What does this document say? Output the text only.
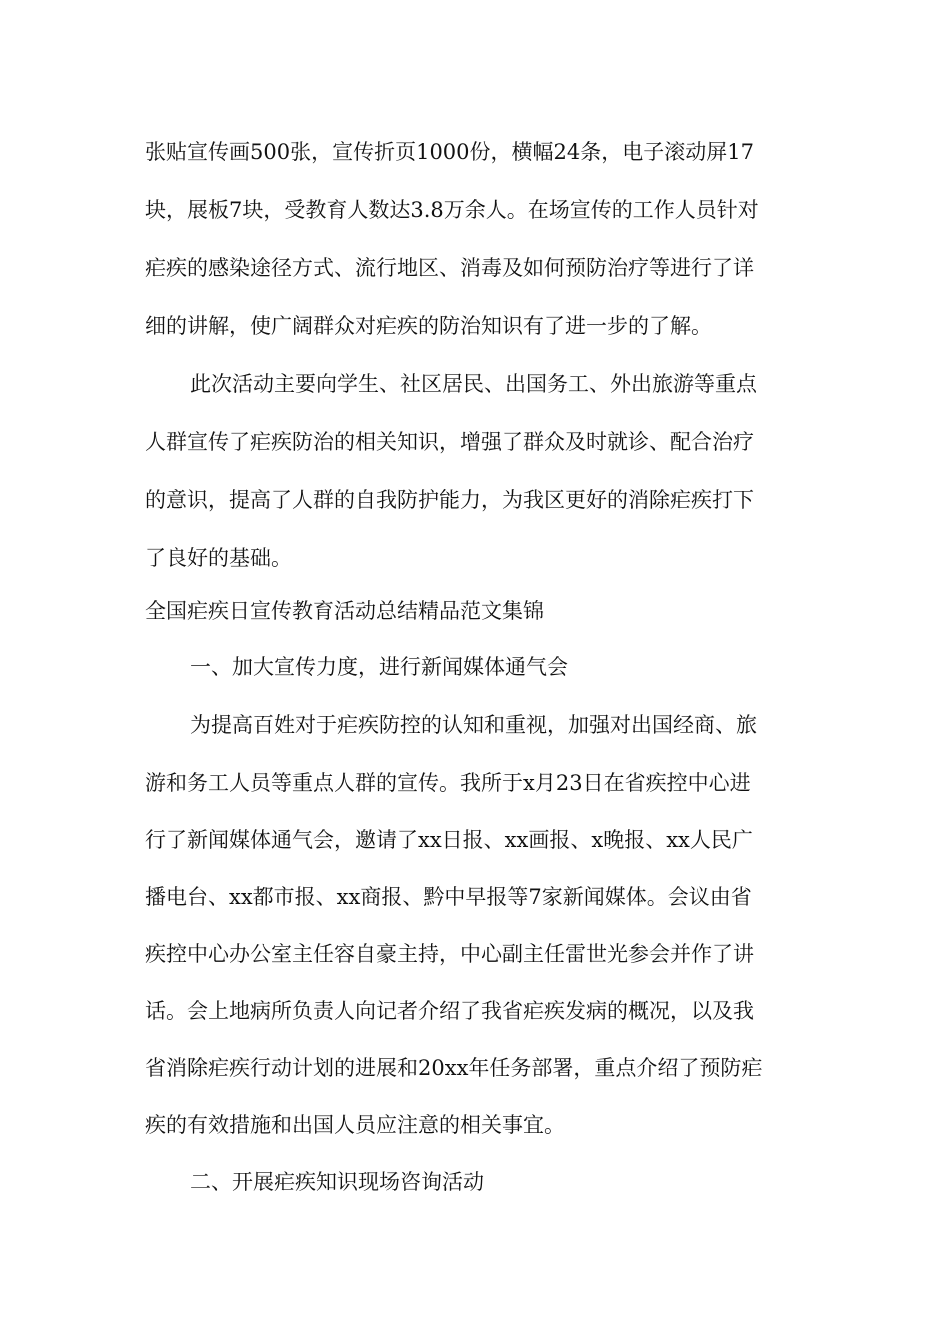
张贴宣传画500张，宣传折页1000份，横幅24条，电子滚动屏17
块，展板7块，受教育人数达3.8万余人。在场宣传的工作人员针对
疟疾的感染途径方式、流行地区、消毒及如何预防治疗等进行了详
细的讲解，使广阔群众对疟疾的防治知识有了进一步的了解。
此次活动主要向学生、社区居民、出国务工、外出旅游等重点
人群宣传了疟疾防治的相关知识，增强了群众及时就诊、配合治疗
的意识，提高了人群的自我防护能力，为我区更好的消除疟疾打下
了良好的基础。
全国疟疾日宣传教育活动总结精品范文集锦
一、加大宣传力度，进行新闻媒体通气会
为提高百姓对于疟疾防控的认知和重视，加强对出国经商、旅
游和务工人员等重点人群的宣传。我所于x月23日在省疾控中心进
行了新闻媒体通气会，邀请了xx日报、xx画报、x晚报、xx人民广
播电台、xx都市报、xx商报、黔中早报等7家新闻媒体。会议由省
疾控中心办公室主任容自豪主持，中心副主任雷世光参会并作了讲
话。会上地病所负责人向记者介绍了我省疟疾发病的概况，以及我
省消除疟疾行动计划的进展和20xx年任务部署，重点介绍了预防疟
疾的有效措施和出国人员应注意的相关事宜。
二、开展疟疾知识现场咨询活动
